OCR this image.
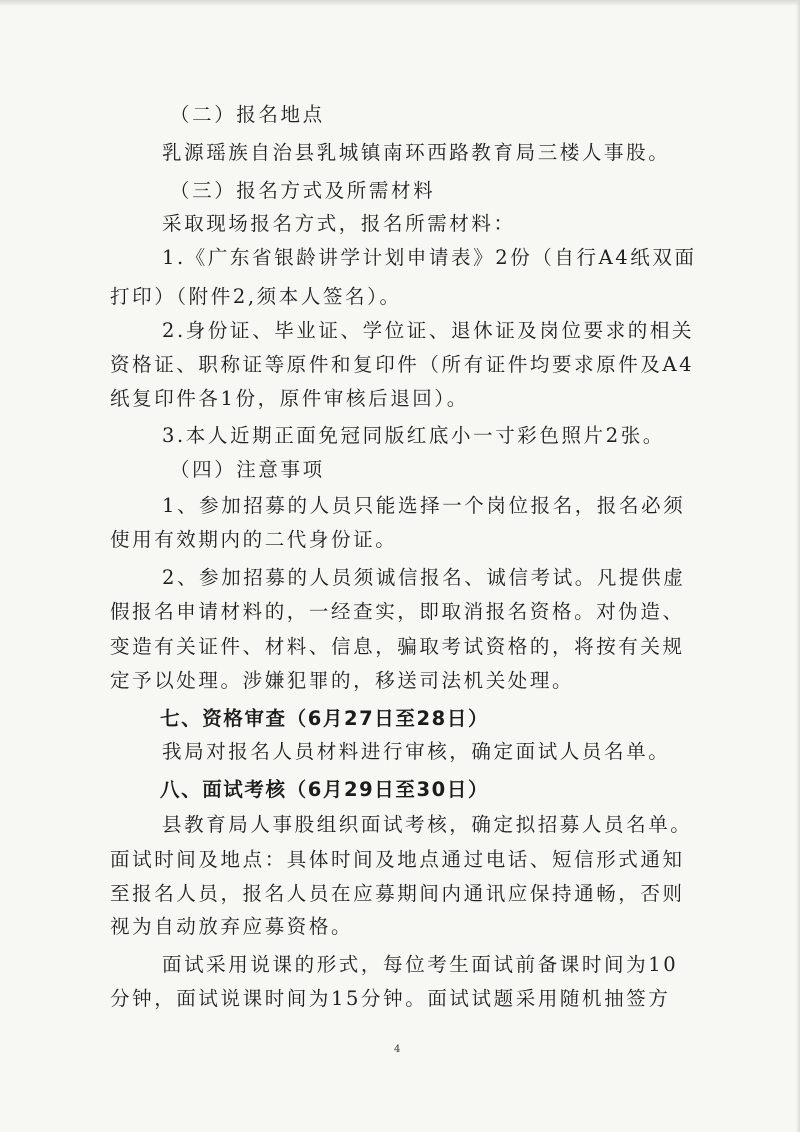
（二）报名地点

乳源瑶族自治县乳城镇南环西路教育局三楼人事股。

（三）报名方式及所需材料

采取现场报名方式，报名所需材料：

1.《广东省银龄讲学计划申请表》2份（自行A4纸双面

打印）（附件2,须本人签名）。

2.身份证、毕业证、学位证、退休证及岗位要求的相关

资格证、职称证等原件和复印件（所有证件均要求原件及A4

纸复印件各1份，原件审核后退回）。

3.本人近期正面免冠同版红底小一寸彩色照片2张。

（四）注意事项

1、参加招募的人员只能选择一个岗位报名，报名必须

使用有效期内的二代身份证。

2、参加招募的人员须诚信报名、诚信考试。凡提供虚

假报名申请材料的，一经查实，即取消报名资格。对伪造、

变造有关证件、材料、信息，骗取考试资格的，将按有关规

定予以处理。涉嫌犯罪的，移送司法机关处理。

七、资格审查（6月27日至28日）

我局对报名人员材料进行审核，确定面试人员名单。

八、面试考核（6月29日至30日）

县教育局人事股组织面试考核，确定拟招募人员名单。

面试时间及地点：具体时间及地点通过电话、短信形式通知

至报名人员，报名人员在应募期间内通讯应保持通畅，否则

视为自动放弃应募资格。

面试采用说课的形式，每位考生面试前备课时间为10

分钟，面试说课时间为15分钟。面试试题采用随机抽签方

4
